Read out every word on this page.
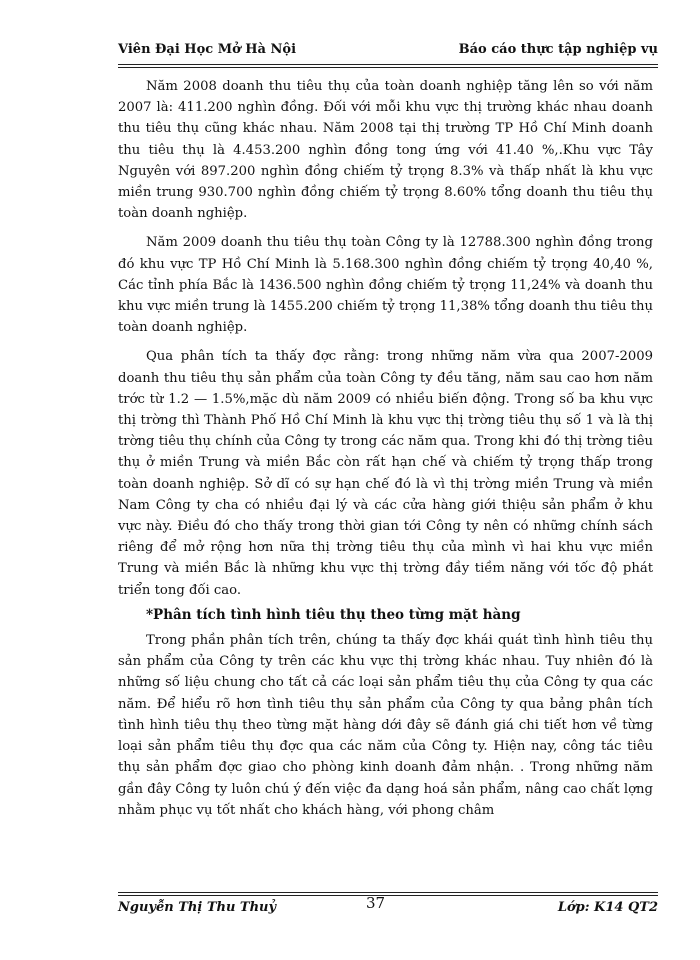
Viên Đại Học Mở Hà Nội	Báo cáo thực tập nghiệp vụ

Năm 2008 doanh thu tiêu thụ của toàn doanh nghiệp tăng lên so với năm 2007 là: 411.200 nghìn đồng. Đối với mỗi khu vực thị trường khác nhau doanh thu tiêu thụ cũng khác nhau. Năm 2008 tại thị trường TP Hồ Chí Minh doanh thu tiêu thụ là 4.453.200 nghìn đồng tong ứng với 41.40 %,.Khu vực Tây Nguyên với 897.200 nghìn đồng chiếm tỷ trọng 8.3% và thấp nhất là khu vực miền trung 930.700 nghìn đồng chiếm tỷ trọng 8.60% tổng doanh thu tiêu thụ toàn doanh nghiệp.

Năm 2009 doanh thu tiêu thụ toàn Công ty là 12788.300 nghìn đồng trong đó khu vực TP Hồ Chí Minh là 5.168.300 nghìn đồng chiếm tỷ trọng 40,40 %, Các tỉnh phía Bắc là 1436.500 nghìn đồng chiếm tỷ trọng 11,24% và doanh thu khu vực miền trung là 1455.200 chiếm tỷ trọng 11,38% tổng doanh thu tiêu thụ toàn doanh nghiệp.

Qua phân tích ta thấy đợc rằng: trong những năm vừa qua 2007-2009 doanh thu tiêu thụ sản phẩm của toàn Công ty đều tăng, năm sau cao hơn năm trớc từ 1.2 — 1.5%,mặc dù năm 2009 có nhiều biến động. Trong số ba khu vực thị trờng thì Thành Phố Hồ Chí Minh là khu vực thị trờng tiêu thụ số 1 và là thị trờng tiêu thụ chính của Công ty trong các năm qua. Trong khi đó thị trờng tiêu thụ ở miền Trung và miền Bắc còn rất hạn chế và chiếm tỷ trọng thấp trong toàn doanh nghiệp. Sở dĩ có sự hạn chế đó là vì thị trờng miền Trung và miền Nam Công ty cha có nhiều đại lý và các cửa hàng giới thiệu sản phẩm ở khu vực này. Điều đó cho thấy trong thời gian tới Công ty nên có những chính sách riêng để mở rộng hơn nữa thị trờng tiêu thụ của mình vì hai khu vực miền Trung và miền Bắc là những khu vực thị trờng đầy tiềm năng với tốc độ phát triển tong đối cao.

*Phân tích tình hình tiêu thụ theo từng mặt hàng

Trong phần phân tích trên, chúng ta thấy đợc khái quát tình hình tiêu thụ sản phẩm của Công ty trên các khu vực thị trờng khác nhau. Tuy nhiên đó là những số liệu chung cho tất cả các loại sản phẩm tiêu thụ của Công ty qua các năm. Để hiểu rõ hơn tình tiêu thụ sản phẩm của Công ty qua bảng phân tích tình hình tiêu thụ theo từng mặt hàng dới đây sẽ đánh giá chi tiết hơn về từng loại sản phẩm tiêu thụ đợc qua các năm của Công ty. Hiện nay, công tác tiêu thụ sản phẩm đợc giao cho phòng kinh doanh đảm nhận. . Trong những năm gần đây Công ty luôn chú ý đến việc đa dạng hoá sản phẩm, nâng cao chất lợng nhằm phục vụ tốt nhất cho khách hàng, với phong châm

Nguyễn Thị Thu Thuỷ	37	Lớp: K14 QT2
